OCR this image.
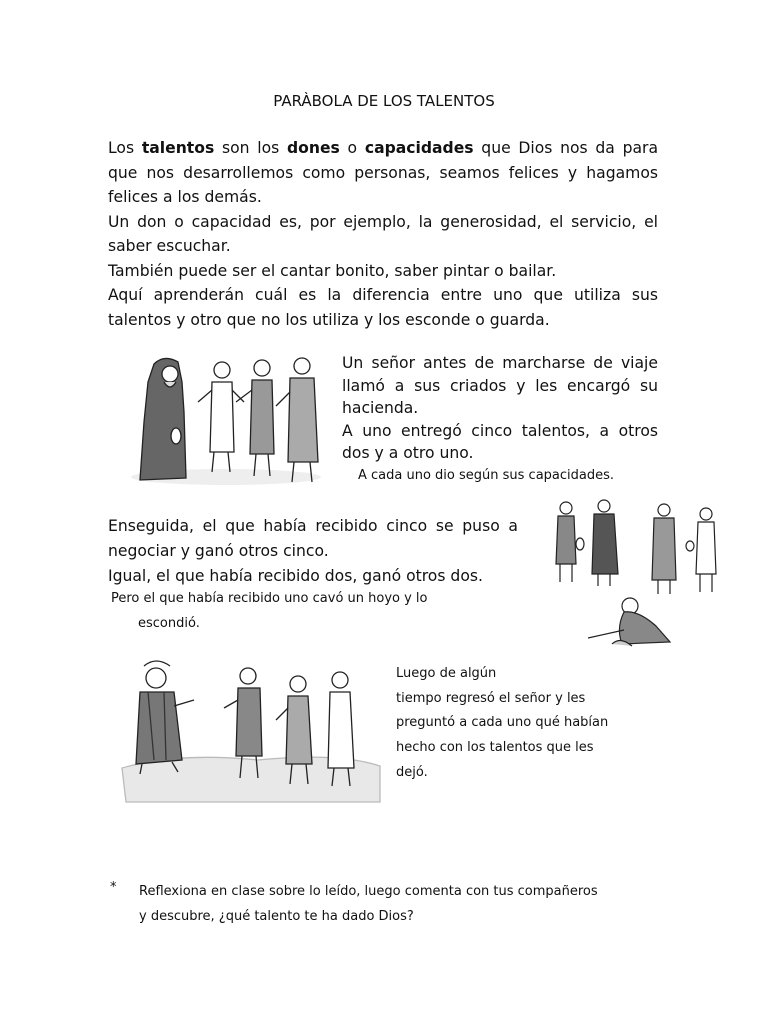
PARÀBOLA DE LOS TALENTOS

Los talentos son los dones o capacidades que Dios nos da para que nos desarrollemos como personas, seamos felices y hagamos felices a los demás.

Un don o capacidad es, por ejemplo, la generosidad, el servicio, el saber escuchar.

También puede ser el cantar bonito, saber pintar o bailar.

Aquí aprenderán cuál es la diferencia entre uno que utiliza sus talentos y otro que no los utiliza y los esconde o guarda.

Un señor antes de marcharse de viaje llamó a sus criados y les encargó su hacienda.

A uno entregó cinco talentos, a otros dos y a otro uno.

A cada uno dio según sus capacidades.

Enseguida, el que había recibido cinco se puso a negociar y ganó otros cinco.

Igual, el que había recibido dos, ganó otros dos.

Pero el que había recibido uno cavó un hoyo y lo
escondió.

Luego de algún

tiempo regresó el señor y les

preguntó a cada uno qué habían

hecho con los talentos que les

dejó.

* Reflexiona en clase sobre lo leído, luego comenta con tus compañeros

y descubre, ¿qué talento te ha dado Dios?
